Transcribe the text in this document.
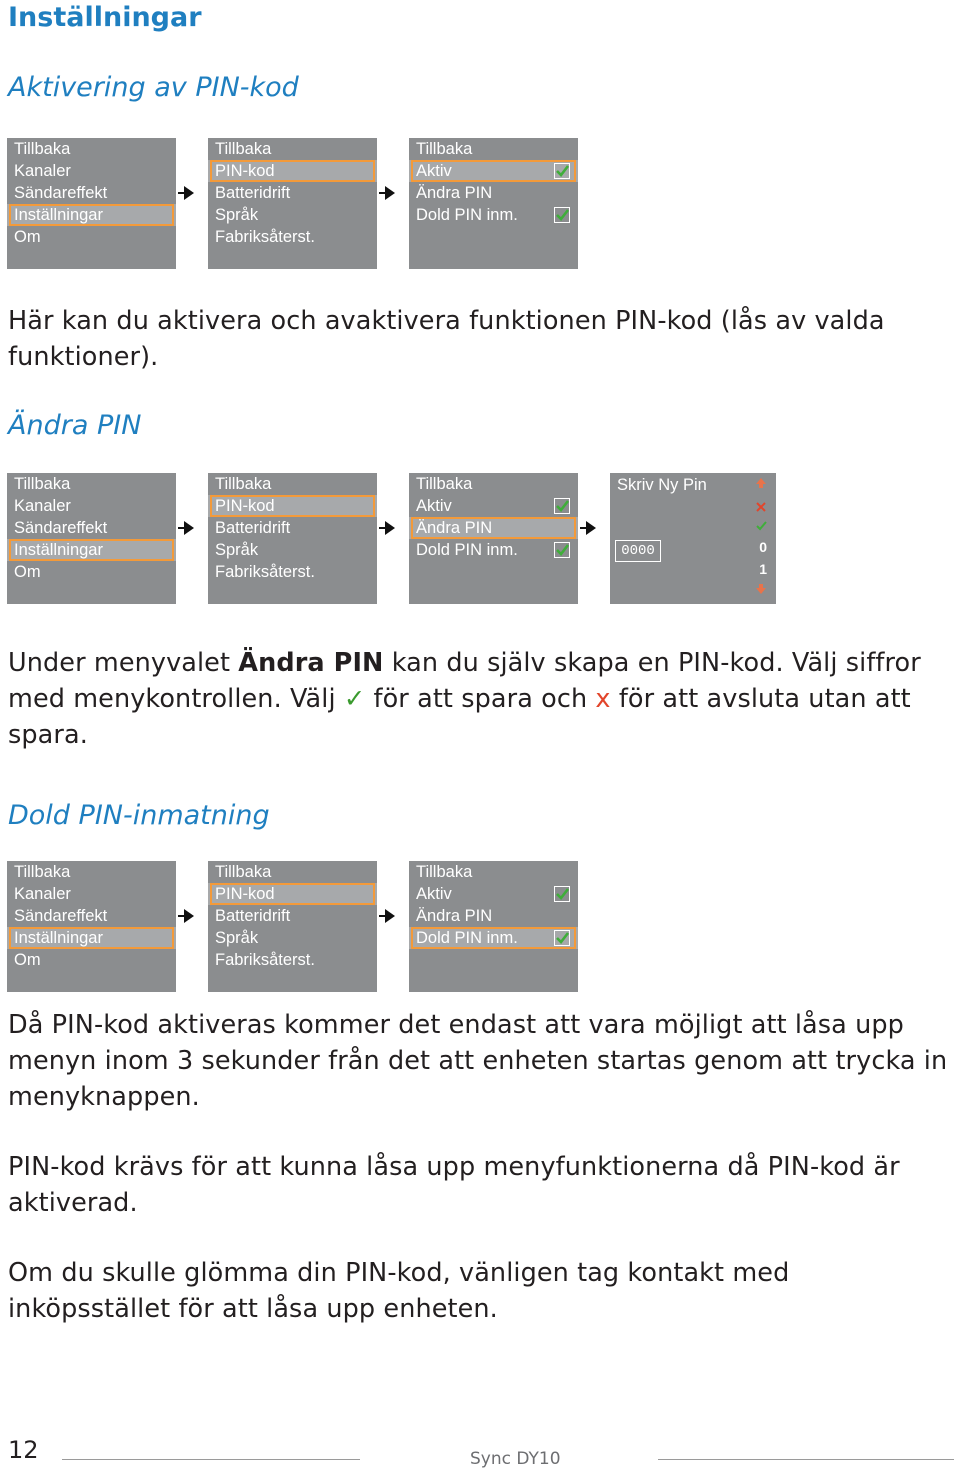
Inställningar
Aktivering av PIN-kod
Tillbaka
Kanaler
Sändareffekt
Inställningar
Om
Tillbaka
PIN-kod
Batteridrift
Språk
Fabriksåterst.
Tillbaka
Aktiv
Ändra PIN
Dold PIN inm.
Här kan du aktivera och avaktivera funktionen PIN-kod (lås av valda funktioner).
Ändra PIN
Tillbaka
Kanaler
Sändareffekt
Inställningar
Om
Tillbaka
PIN-kod
Batteridrift
Språk
Fabriksåterst.
Tillbaka
Aktiv
Ändra PIN
Dold PIN inm.
Skriv Ny Pin
0000	0
1
Under menyvalet Ändra PIN kan du själv skapa en PIN-kod. Välj siffror med menykontrollen. Välj ✓ för att spara och x för att avsluta utan att spara.
Dold PIN-inmatning
Tillbaka
Kanaler
Sändareffekt
Inställningar
Om
Tillbaka
PIN-kod
Batteridrift
Språk
Fabriksåterst.
Tillbaka
Aktiv
Ändra PIN
Dold PIN inm.
Då PIN-kod aktiveras kommer det endast att vara möjligt att låsa upp menyn inom 3 sekunder från det att enheten startas genom att trycka in menyknappen.
PIN-kod krävs för att kunna låsa upp menyfunktionerna då PIN-kod är aktiverad.
Om du skulle glömma din PIN-kod, vänligen tag kontakt med inköpsstället för att låsa upp enheten.
12	Sync DY10
